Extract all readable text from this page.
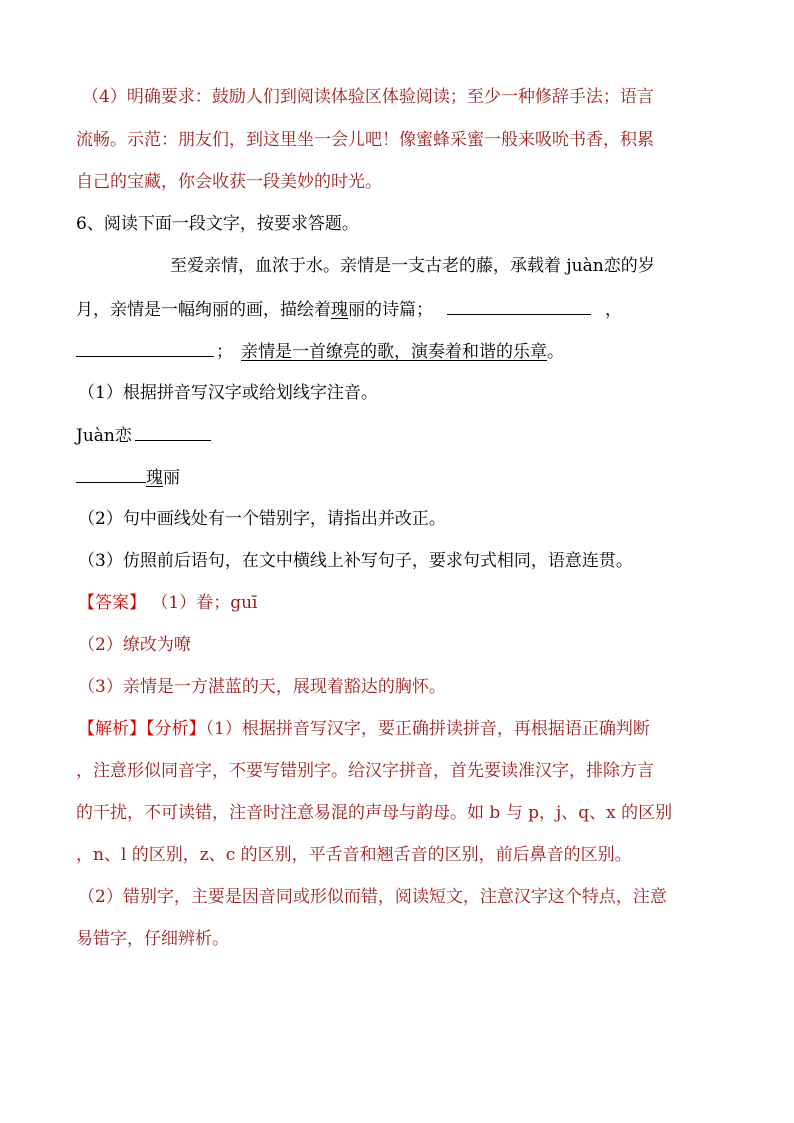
（4）明确要求：鼓励人们到阅读体验区体验阅读；至少一种修辞手法；语言
流畅。示范：朋友们，到这里坐一会儿吧！像蜜蜂采蜜一般来吸吮书香，积累
自己的宝藏，你会收获一段美妙的时光。
6、阅读下面一段文字，按要求答题。
至爱亲情，血浓于水。亲情是一支古老的藤，承载着 juàn恋的岁
月，亲情是一幅绚丽的画，描绘着瑰丽的诗篇；	，
； 亲情是一首缭亮的歌，演奏着和谐的乐章。
（1）根据拼音写汉字或给划线字注音。
Juàn恋
瑰丽
（2）句中画线处有一个错别字，请指出并改正。
（3）仿照前后语句，在文中横线上补写句子，要求句式相同，语意连贯。
【答案】 （1）眷；guī
（2）缭改为嘹
（3）亲情是一方湛蓝的天，展现着豁达的胸怀。
【解析】【分析】（1）根据拼音写汉字，要正确拼读拼音，再根据语正确判断
，注意形似同音字，不要写错别字。给汉字拼音，首先要读准汉字，排除方言
的干扰，不可读错，注音时注意易混的声母与韵母。如 b 与 p，j、q、x 的区别
，n、l 的区别，z、c 的区别，平舌音和翘舌音的区别，前后鼻音的区别。
（2）错别字，主要是因音同或形似而错，阅读短文，注意汉字这个特点，注意
易错字，仔细辨析。
